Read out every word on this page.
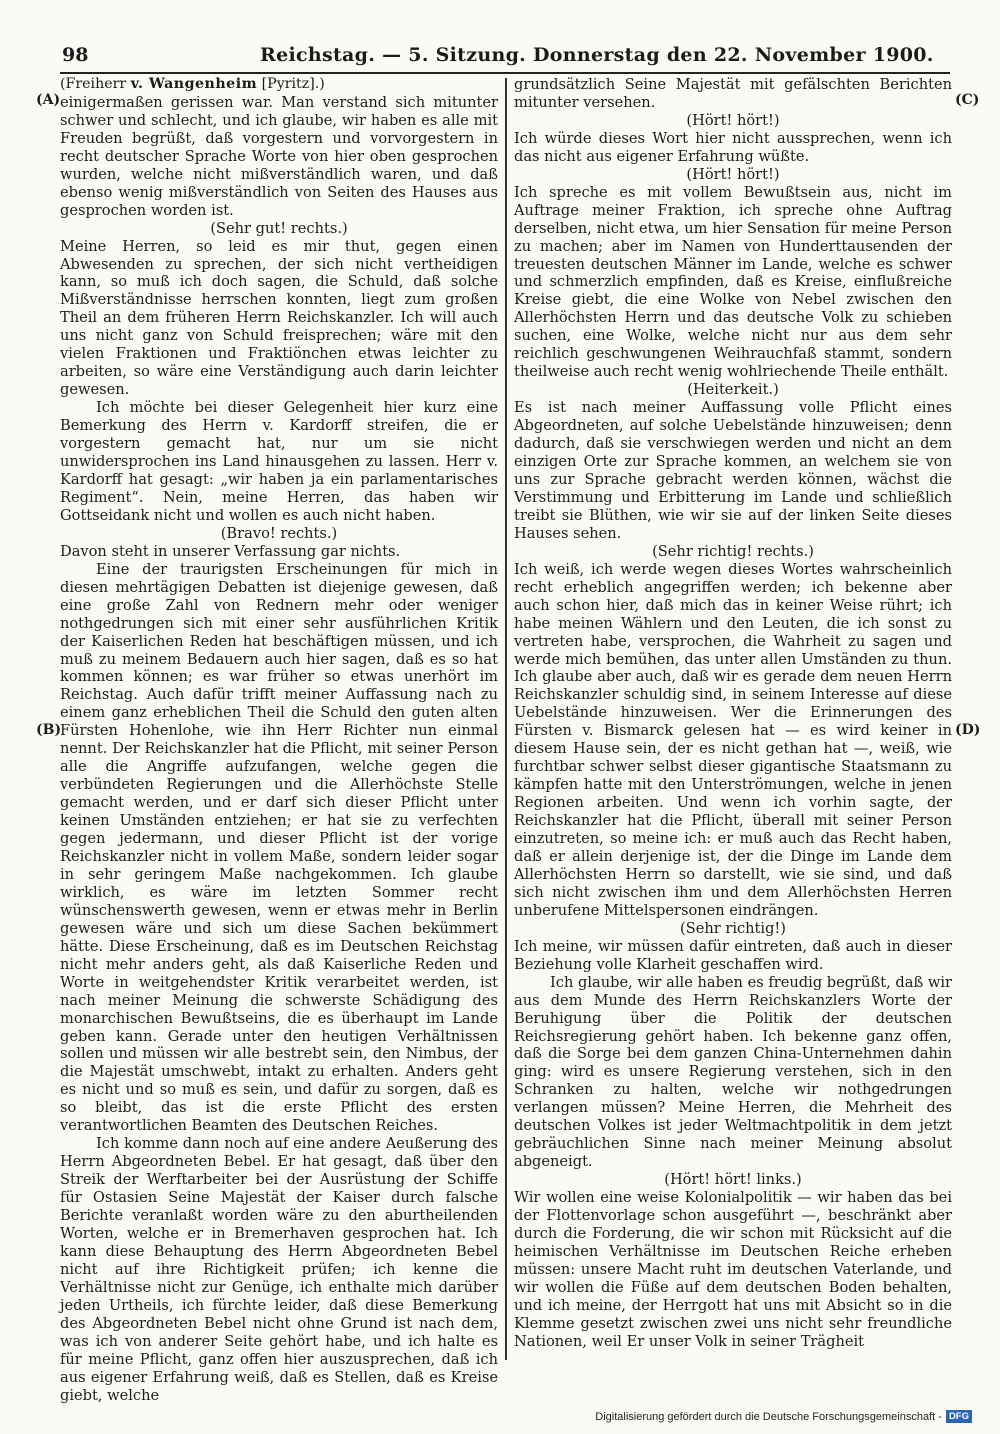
98	Reichstag. — 5. Sitzung. Donnerstag den 22. November 1900.
(A)
(B)
(C)
(D)

(Freiherr v. Wangenheim [Pyritz].)

einigermaßen gerissen war. Man verstand sich mitunter schwer und schlecht, und ich glaube, wir haben es alle mit Freuden begrüßt, daß vorgestern und vorvorgestern in recht deutscher Sprache Worte von hier oben gesprochen wurden, welche nicht mißverständlich waren, und daß ebenso wenig mißverständlich von Seiten des Hauses aus gesprochen worden ist.

(Sehr gut! rechts.)

Meine Herren, so leid es mir thut, gegen einen Abwesenden zu sprechen, der sich nicht vertheidigen kann, so muß ich doch sagen, die Schuld, daß solche Mißverständnisse herrschen konnten, liegt zum großen Theil an dem früheren Herrn Reichskanzler. Ich will auch uns nicht ganz von Schuld freisprechen; wäre mit den vielen Fraktionen und Fraktiönchen etwas leichter zu arbeiten, so wäre eine Verständigung auch darin leichter gewesen.

Ich möchte bei dieser Gelegenheit hier kurz eine Bemerkung des Herrn v. Kardorff streifen, die er vorgestern gemacht hat, nur um sie nicht unwidersprochen ins Land hinausgehen zu lassen. Herr v. Kardorff hat gesagt: „wir haben ja ein parlamentarisches Regiment“. Nein, meine Herren, das haben wir Gottseidank nicht und wollen es auch nicht haben.

(Bravo! rechts.)

Davon steht in unserer Verfassung gar nichts.

Eine der traurigsten Erscheinungen für mich in diesen mehrtägigen Debatten ist diejenige gewesen, daß eine große Zahl von Rednern mehr oder weniger nothgedrungen sich mit einer sehr ausführlichen Kritik der Kaiserlichen Reden hat beschäftigen müssen, und ich muß zu meinem Bedauern auch hier sagen, daß es so hat kommen können; es war früher so etwas unerhört im Reichstag. Auch dafür trifft meiner Auffassung nach zu einem ganz erheblichen Theil die Schuld den guten alten Fürsten Hohenlohe, wie ihn Herr Richter nun einmal nennt. Der Reichskanzler hat die Pflicht, mit seiner Person alle die Angriffe aufzufangen, welche gegen die verbündeten Regierungen und die Allerhöchste Stelle gemacht werden, und er darf sich dieser Pflicht unter keinen Umständen entziehen; er hat sie zu verfechten gegen jedermann, und dieser Pflicht ist der vorige Reichskanzler nicht in vollem Maße, sondern leider sogar in sehr geringem Maße nachgekommen. Ich glaube wirklich, es wäre im letzten Sommer recht wünschenswerth gewesen, wenn er etwas mehr in Berlin gewesen wäre und sich um diese Sachen bekümmert hätte. Diese Erscheinung, daß es im Deutschen Reichstag nicht mehr anders geht, als daß Kaiserliche Reden und Worte in weitgehendster Kritik verarbeitet werden, ist nach meiner Meinung die schwerste Schädigung des monarchischen Bewußtseins, die es überhaupt im Lande geben kann. Gerade unter den heutigen Verhältnissen sollen und müssen wir alle bestrebt sein, den Nimbus, der die Majestät umschwebt, intakt zu erhalten. Anders geht es nicht und so muß es sein, und dafür zu sorgen, daß es so bleibt, das ist die erste Pflicht des ersten verantwortlichen Beamten des Deutschen Reiches.

Ich komme dann noch auf eine andere Aeußerung des Herrn Abgeordneten Bebel. Er hat gesagt, daß über den Streik der Werftarbeiter bei der Ausrüstung der Schiffe für Ostasien Seine Majestät der Kaiser durch falsche Berichte veranlaßt worden wäre zu den aburtheilenden Worten, welche er in Bremerhaven gesprochen hat. Ich kann diese Behauptung des Herrn Abgeordneten Bebel nicht auf ihre Richtigkeit prüfen; ich kenne die Verhältnisse nicht zur Genüge, ich enthalte mich darüber jeden Urtheils, ich fürchte leider, daß diese Bemerkung des Abgeordneten Bebel nicht ohne Grund ist nach dem, was ich von anderer Seite gehört habe, und ich halte es für meine Pflicht, ganz offen hier auszusprechen, daß ich aus eigener Erfahrung weiß, daß es Stellen, daß es Kreise giebt, welche

grundsätzlich Seine Majestät mit gefälschten Berichten mitunter versehen.

(Hört! hört!)

Ich würde dieses Wort hier nicht aussprechen, wenn ich das nicht aus eigener Erfahrung wüßte.

(Hört! hört!)

Ich spreche es mit vollem Bewußtsein aus, nicht im Auftrage meiner Fraktion, ich spreche ohne Auftrag derselben, nicht etwa, um hier Sensation für meine Person zu machen; aber im Namen von Hunderttausenden der treuesten deutschen Männer im Lande, welche es schwer und schmerzlich empfinden, daß es Kreise, einflußreiche Kreise giebt, die eine Wolke von Nebel zwischen den Allerhöchsten Herrn und das deutsche Volk zu schieben suchen, eine Wolke, welche nicht nur aus dem sehr reichlich geschwungenen Weihrauchfaß stammt, sondern theilweise auch recht wenig wohlriechende Theile enthält.

(Heiterkeit.)

Es ist nach meiner Auffassung volle Pflicht eines Abgeordneten, auf solche Uebelstände hinzuweisen; denn dadurch, daß sie verschwiegen werden und nicht an dem einzigen Orte zur Sprache kommen, an welchem sie von uns zur Sprache gebracht werden können, wächst die Verstimmung und Erbitterung im Lande und schließlich treibt sie Blüthen, wie wir sie auf der linken Seite dieses Hauses sehen.

(Sehr richtig! rechts.)

Ich weiß, ich werde wegen dieses Wortes wahrscheinlich recht erheblich angegriffen werden; ich bekenne aber auch schon hier, daß mich das in keiner Weise rührt; ich habe meinen Wählern und den Leuten, die ich sonst zu vertreten habe, versprochen, die Wahrheit zu sagen und werde mich bemühen, das unter allen Umständen zu thun. Ich glaube aber auch, daß wir es gerade dem neuen Herrn Reichskanzler schuldig sind, in seinem Interesse auf diese Uebelstände hinzuweisen. Wer die Erinnerungen des Fürsten v. Bismarck gelesen hat — es wird keiner in diesem Hause sein, der es nicht gethan hat —, weiß, wie furchtbar schwer selbst dieser gigantische Staatsmann zu kämpfen hatte mit den Unterströmungen, welche in jenen Regionen arbeiten. Und wenn ich vorhin sagte, der Reichskanzler hat die Pflicht, überall mit seiner Person einzutreten, so meine ich: er muß auch das Recht haben, daß er allein derjenige ist, der die Dinge im Lande dem Allerhöchsten Herrn so darstellt, wie sie sind, und daß sich nicht zwischen ihm und dem Allerhöchsten Herren unberufene Mittelspersonen eindrängen.

(Sehr richtig!)

Ich meine, wir müssen dafür eintreten, daß auch in dieser Beziehung volle Klarheit geschaffen wird.

Ich glaube, wir alle haben es freudig begrüßt, daß wir aus dem Munde des Herrn Reichskanzlers Worte der Beruhigung über die Politik der deutschen Reichsregierung gehört haben. Ich bekenne ganz offen, daß die Sorge bei dem ganzen China-Unternehmen dahin ging: wird es unsere Regierung verstehen, sich in den Schranken zu halten, welche wir nothgedrungen verlangen müssen? Meine Herren, die Mehrheit des deutschen Volkes ist jeder Weltmachtpolitik in dem jetzt gebräuchlichen Sinne nach meiner Meinung absolut abgeneigt.

(Hört! hört! links.)

Wir wollen eine weise Kolonialpolitik — wir haben das bei der Flottenvorlage schon ausgeführt —, beschränkt aber durch die Forderung, die wir schon mit Rücksicht auf die heimischen Verhältnisse im Deutschen Reiche erheben müssen: unsere Macht ruht im deutschen Vaterlande, und wir wollen die Füße auf dem deutschen Boden behalten, und ich meine, der Herrgott hat uns mit Absicht so in die Klemme gesetzt zwischen zwei uns nicht sehr freundliche Nationen, weil Er unser Volk in seiner Trägheit

Digitalisierung gefördert durch die Deutsche Forschungsgemeinschaft - DFG
